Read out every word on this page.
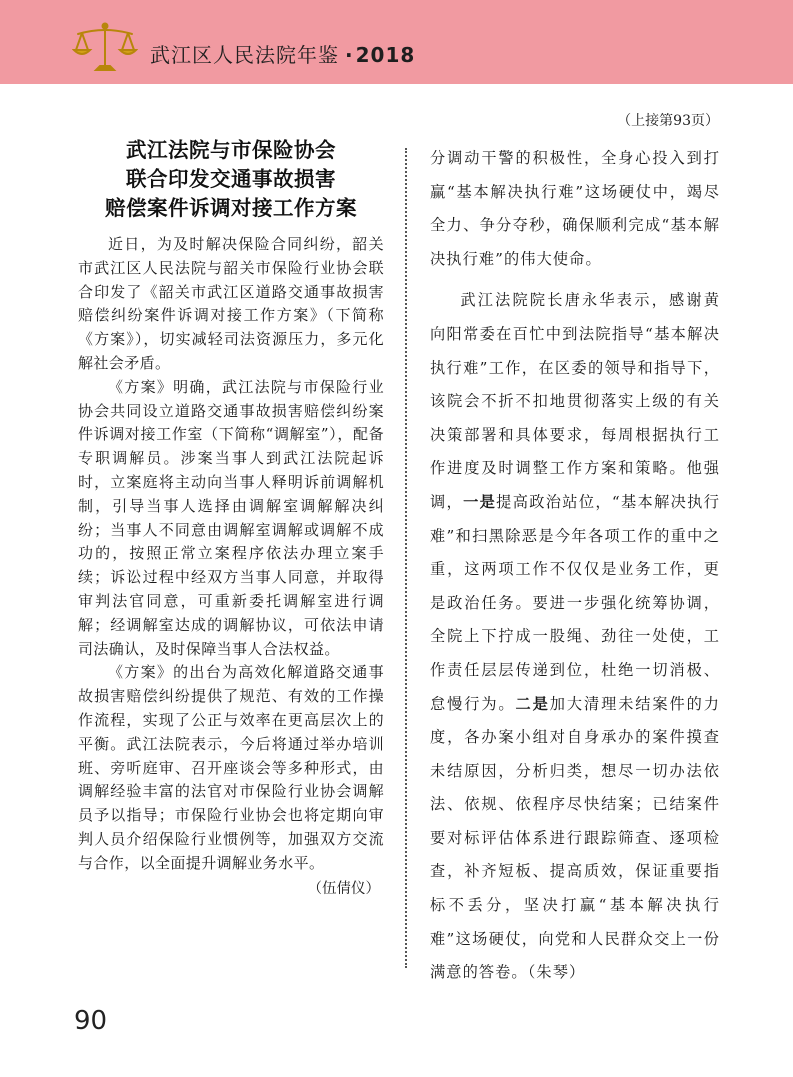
武江区人民法院年鉴 · 2018
武江法院与市保险协会
联合印发交通事故损害
赔偿案件诉调对接工作方案

近日，为及时解决保险合同纠纷，韶关市武江区人民法院与韶关市保险行业协会联合印发了《韶关市武江区道路交通事故损害赔偿纠纷案件诉调对接工作方案》（下简称《方案》），切实减轻司法资源压力，多元化解社会矛盾。

《方案》明确，武江法院与市保险行业协会共同设立道路交通事故损害赔偿纠纷案件诉调对接工作室（下简称“调解室”），配备专职调解员。涉案当事人到武江法院起诉时，立案庭将主动向当事人释明诉前调解机制，引导当事人选择由调解室调解解决纠纷；当事人不同意由调解室调解或调解不成功的，按照正常立案程序依法办理立案手续；诉讼过程中经双方当事人同意，并取得审判法官同意，可重新委托调解室进行调解；经调解室达成的调解协议，可依法申请司法确认，及时保障当事人合法权益。

《方案》的出台为高效化解道路交通事故损害赔偿纠纷提供了规范、有效的工作操作流程，实现了公正与效率在更高层次上的平衡。武江法院表示，今后将通过举办培训班、旁听庭审、召开座谈会等多种形式，由调解经验丰富的法官对市保险行业协会调解员予以指导；市保险行业协会也将定期向审判人员介绍保险行业惯例等，加强双方交流与合作，以全面提升调解业务水平。

（伍倩仪）

（上接第93页）

分调动干警的积极性，全身心投入到打赢“基本解决执行难”这场硬仗中，竭尽全力、争分夺秒，确保顺利完成“基本解决执行难”的伟大使命。

武江法院院长唐永华表示，感谢黄向阳常委在百忙中到法院指导“基本解决执行难”工作，在区委的领导和指导下，该院会不折不扣地贯彻落实上级的有关决策部署和具体要求，每周根据执行工作进度及时调整工作方案和策略。他强调，一是提高政治站位，“基本解决执行难”和扫黑除恶是今年各项工作的重中之重，这两项工作不仅仅是业务工作，更是政治任务。要进一步强化统筹协调，全院上下拧成一股绳、劲往一处使，工作责任层层传递到位，杜绝一切消极、怠慢行为。二是加大清理未结案件的力度，各办案小组对自身承办的案件摸查未结原因，分析归类，想尽一切办法依法、依规、依程序尽快结案；已结案件要对标评估体系进行跟踪筛查、逐项检查，补齐短板、提高质效，保证重要指标不丢分，坚决打赢“基本解决执行难”这场硬仗，向党和人民群众交上一份满意的答卷。（朱琴）

90
